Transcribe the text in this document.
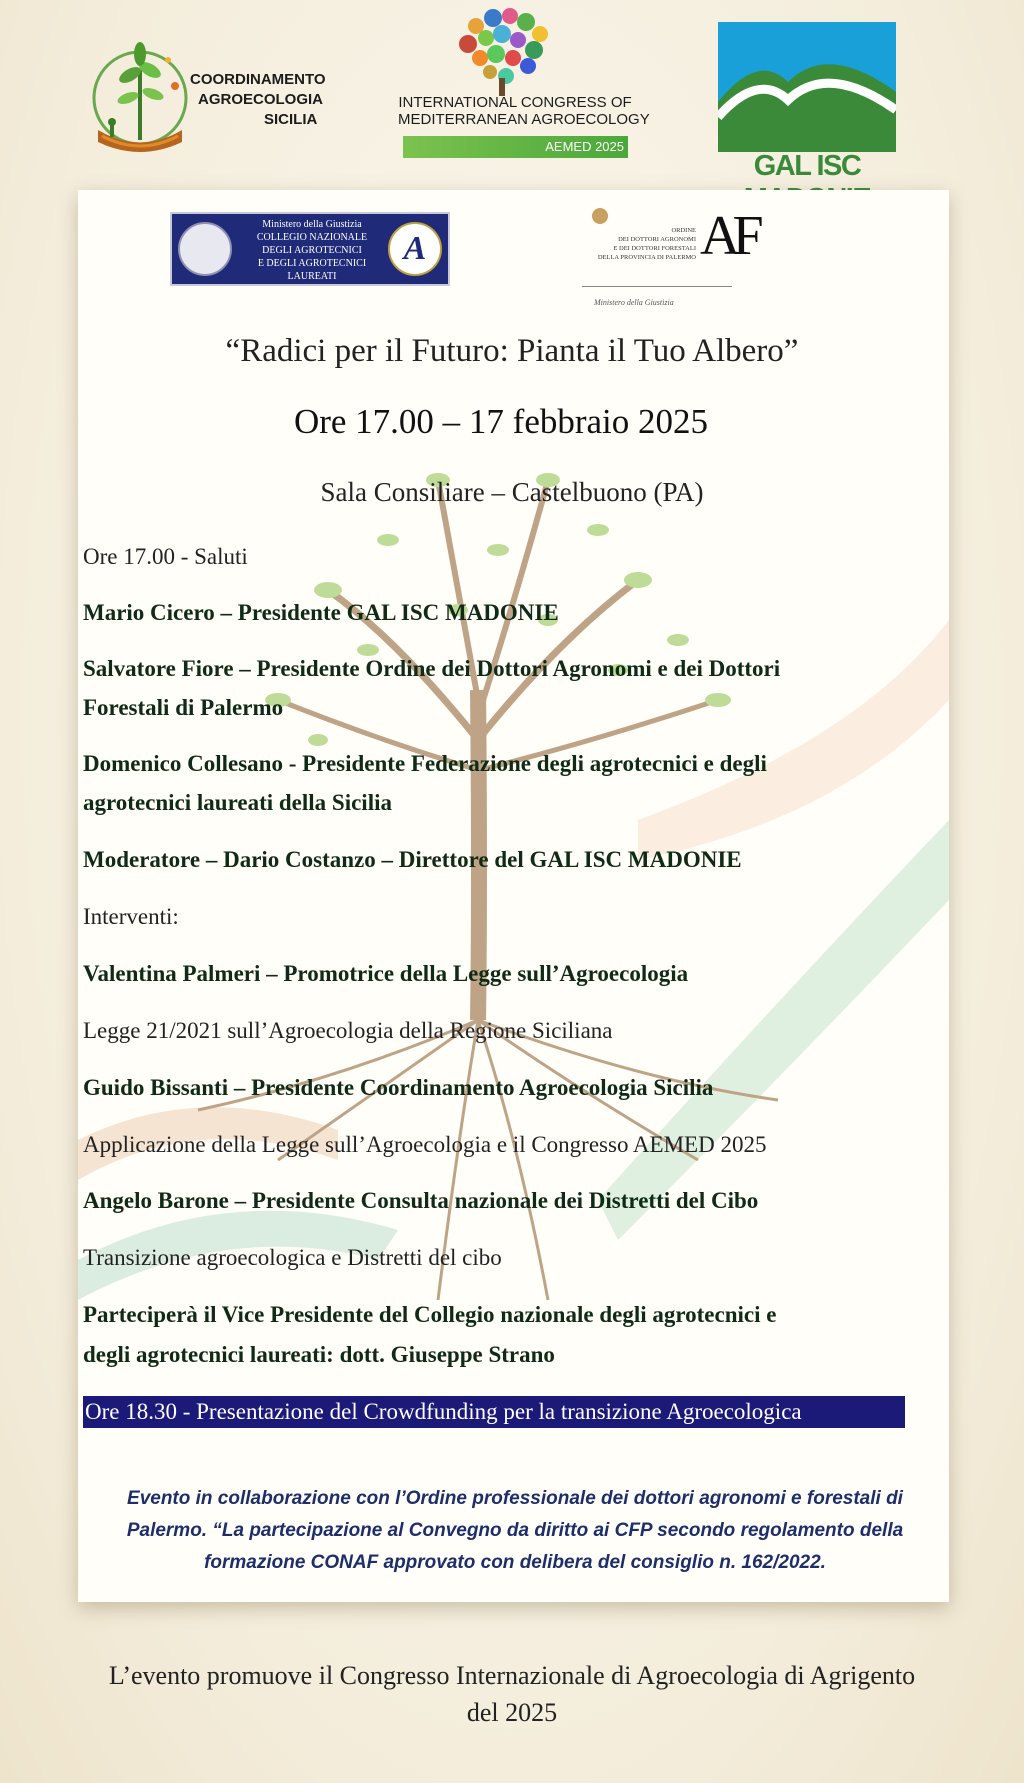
COORDINAMENTO
AGROECOLOGIA
SICILIA
INTERNATIONAL CONGRESS OF
MEDITERRANEAN AGROECOLOGY
AEMED 2025
GAL ISC
Ministero della Giustizia
COLLEGIO NAZIONALE
DEGLI AGROTECNICI
E DEGLI AGROTECNICI LAUREATI
A	ORDINE
DEI DOTTORI AGRONOMI
E DEI DOTTORI FORESTALI
DELLA PROVINCIA DI PALERMO AF
Ministero della Giustizia
“Radici per il Futuro: Pianta il Tuo Albero”
Ore 17.00 – 17 febbraio 2025
Sala Consiliare – Castelbuono (PA)
Ore 17.00 - Saluti
Mario Cicero – Presidente GAL ISC MADONIE
Salvatore Fiore – Presidente Ordine dei Dottori Agronomi e dei Dottori
Forestali di Palermo
Domenico Collesano - Presidente Federazione degli agrotecnici e degli
agrotecnici laureati della Sicilia
Moderatore – Dario Costanzo – Direttore del GAL ISC MADONIE
Interventi:
Valentina Palmeri – Promotrice della Legge sull’Agroecologia
Legge 21/2021 sull’Agroecologia della Regione Siciliana
Guido Bissanti – Presidente Coordinamento Agroecologia Sicilia
Applicazione della Legge sull’Agroecologia e il Congresso AEMED 2025
Angelo Barone – Presidente Consulta nazionale dei Distretti del Cibo
Transizione agroecologica e Distretti del cibo
Parteciperà il Vice Presidente del Collegio nazionale degli agrotecnici e
degli agrotecnici laureati: dott. Giuseppe Strano
Ore 18.30 - Presentazione del Crowdfunding per la transizione Agroecologica
Evento in collaborazione con l’Ordine professionale dei dottori agronomi e forestali di
Palermo. “La partecipazione al Convegno da diritto ai CFP secondo regolamento della
formazione CONAF approvato con delibera del consiglio n. 162/2022.
L’evento promuove il Congresso Internazionale di Agroecologia di Agrigento
del 2025
